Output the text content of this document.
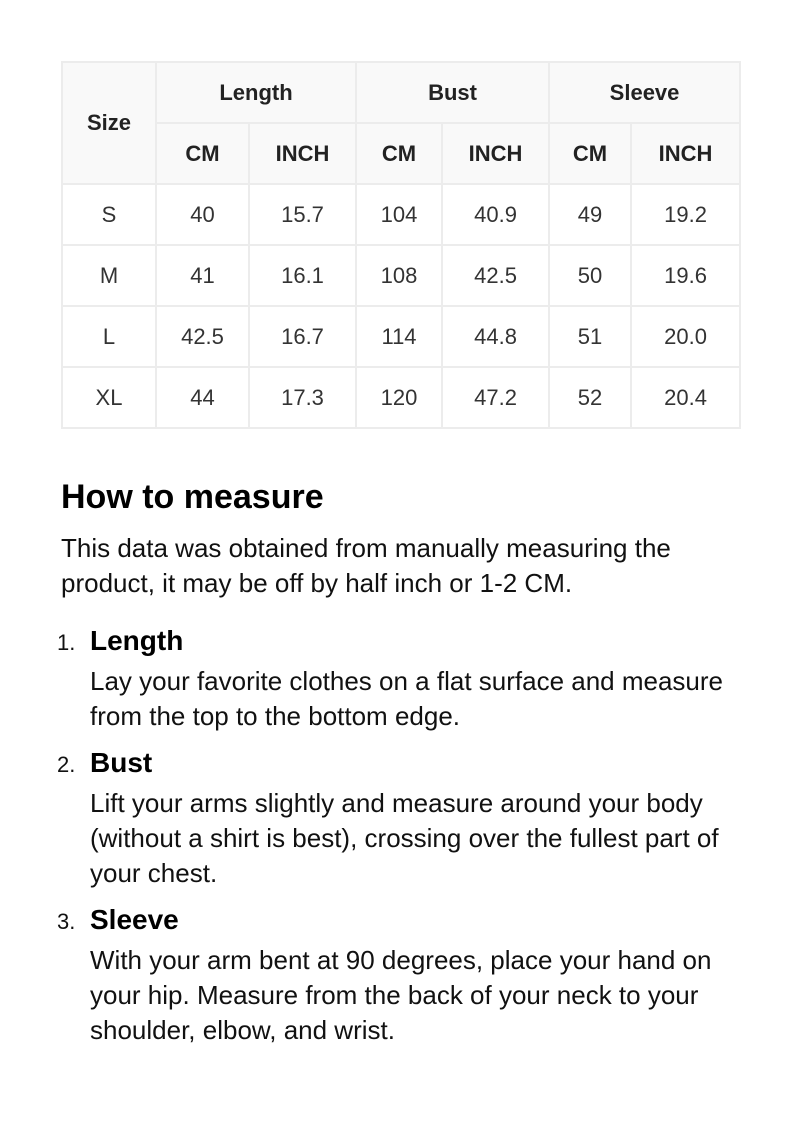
Size	Length		Bust		Sleeve	
	CM	INCH	CM	INCH	CM	INCH
S	40	15.7	104	40.9	49	19.2
M	41	16.1	108	42.5	50	19.6
L	42.5	16.7	114	44.8	51	20.0
XL	44	17.3	120	47.2	52	20.4
How to measure

This data was obtained from manually measuring the product, it may be off by half inch or 1-2 CM.

1. Length
Lay your favorite clothes on a flat surface and measure from the top to the bottom edge.
2. Bust
Lift your arms slightly and measure around your body (without a shirt is best), crossing over the fullest part of your chest.
3. Sleeve
With your arm bent at 90 degrees, place your hand on your hip. Measure from the back of your neck to your shoulder, elbow, and wrist.
